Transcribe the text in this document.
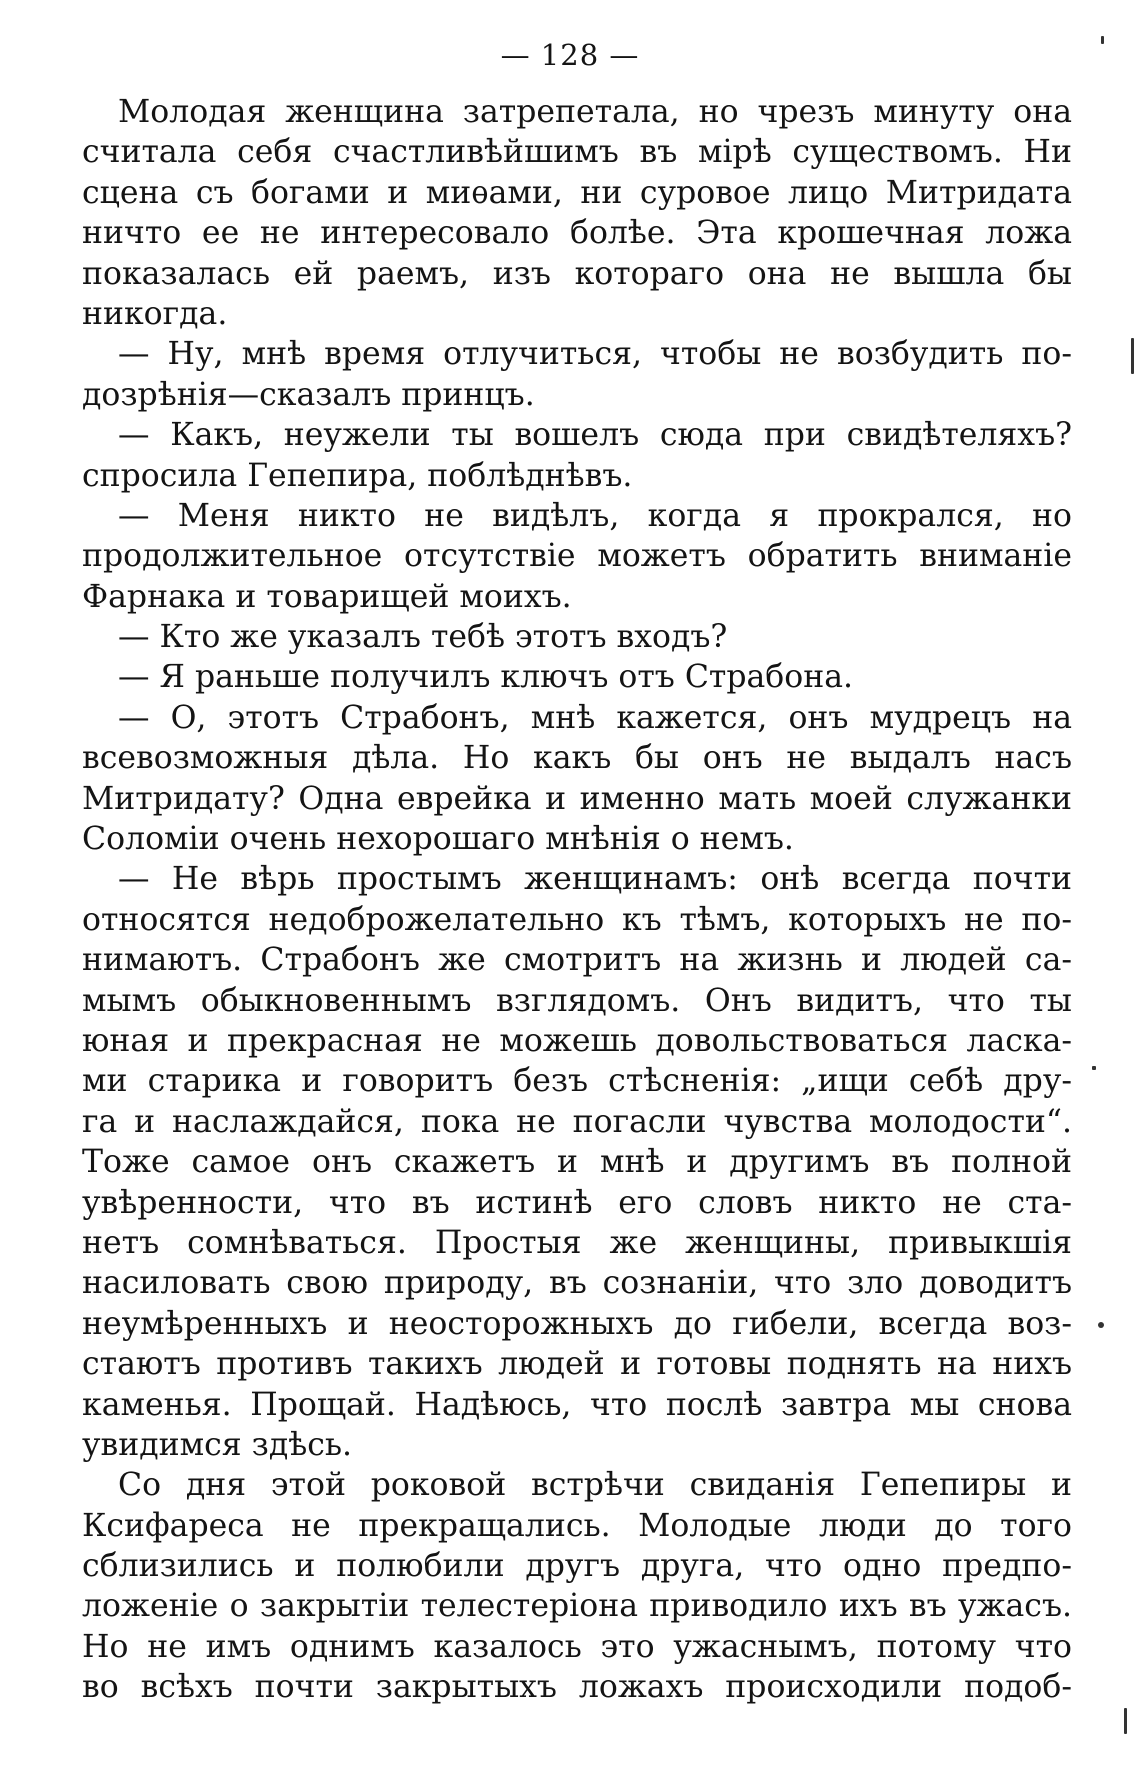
— 128 —
Молодая женщина затрепетала, но чрезъ минуту она
считала себя счастливѣйшимъ въ мірѣ существомъ. Ни
сцена съ богами и миѳами, ни суровое лицо Митридата
ничто ее не интересовало болѣе. Эта крошечная ложа
показалась ей раемъ, изъ котораго она не вышла бы
никогда.
— Ну, мнѣ время отлучиться, чтобы не возбудить по-
дозрѣнія—сказалъ принцъ.
— Какъ, неужели ты вошелъ сюда при свидѣтеляхъ?
спросила Гепепира, поблѣднѣвъ.
— Меня никто не видѣлъ, когда я прокрался, но
продолжительное отсутствіе можетъ обратить вниманіе
Фарнака и товарищей моихъ.
— Кто же указалъ тебѣ этотъ входъ?
— Я раньше получилъ ключъ отъ Страбона.
— О, этотъ Страбонъ, мнѣ кажется, онъ мудрецъ на
всевозможныя дѣла. Но какъ бы онъ не выдалъ насъ
Митридату? Одна еврейка и именно мать моей служанки
Соломіи очень нехорошаго мнѣнія о немъ.
— Не вѣрь простымъ женщинамъ: онѣ всегда почти
относятся недоброжелательно къ тѣмъ, которыхъ не по-
нимаютъ. Страбонъ же смотритъ на жизнь и людей са-
мымъ обыкновеннымъ взглядомъ. Онъ видитъ, что ты
юная и прекрасная не можешь довольствоваться ласка-
ми старика и говоритъ безъ стѣсненія: „ищи себѣ дру-
га и наслаждайся, пока не погасли чувства молодости“.
Тоже самое онъ скажетъ и мнѣ и другимъ въ полной
увѣренности, что въ истинѣ его словъ никто не ста-
нетъ сомнѣваться. Простыя же женщины, привыкшія
насиловать свою природу, въ сознаніи, что зло доводитъ
неумѣренныхъ и неосторожныхъ до гибели, всегда воз-
стаютъ противъ такихъ людей и готовы поднять на нихъ
каменья. Прощай. Надѣюсь, что послѣ завтра мы снова
увидимся здѣсь.
Со дня этой роковой встрѣчи свиданія Гепепиры и
Ксифареса не прекращались. Молодые люди до того
сблизились и полюбили другъ друга, что одно предпо-
ложеніе о закрытіи телестеріона приводило ихъ въ ужасъ.
Но не имъ однимъ казалось это ужаснымъ, потому что
во всѣхъ почти закрытыхъ ложахъ происходили подоб-
